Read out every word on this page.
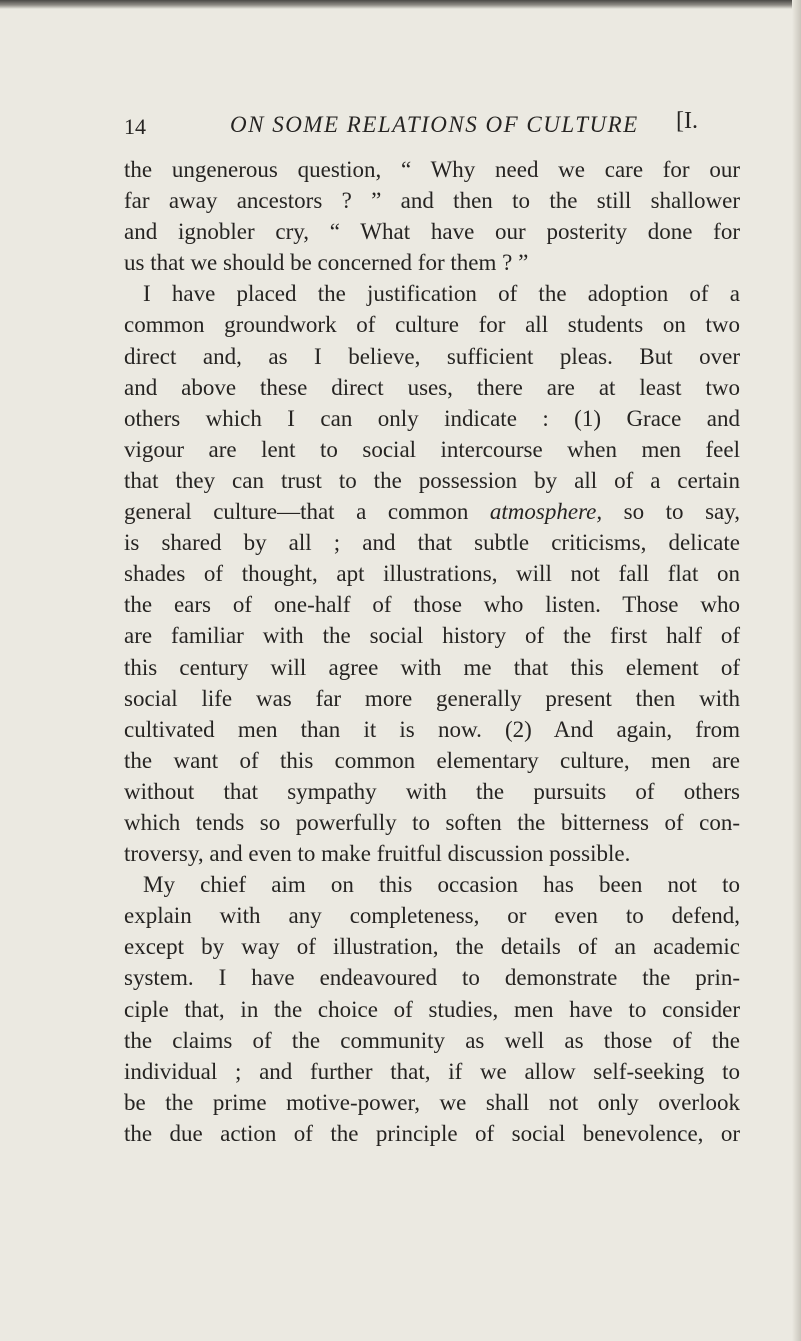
14	ON SOME RELATIONS OF CULTURE [I.
the ungenerous question, “ Why need we care for our
far away ancestors ? ” and then to the still shallower
and ignobler cry, “ What have our posterity done for
us that we should be concerned for them ? ”
I have placed the justification of the adoption of a
common groundwork of culture for all students on two
direct and, as I believe, sufficient pleas. But over
and above these direct uses, there are at least two
others which I can only indicate : (1) Grace and
vigour are lent to social intercourse when men feel
that they can trust to the possession by all of a certain
general culture—that a common atmosphere, so to say,
is shared by all ; and that subtle criticisms, delicate
shades of thought, apt illustrations, will not fall flat on
the ears of one-half of those who listen. Those who
are familiar with the social history of the first half of
this century will agree with me that this element of
social life was far more generally present then with
cultivated men than it is now. (2) And again, from
the want of this common elementary culture, men are
without that sympathy with the pursuits of others
which tends so powerfully to soften the bitterness of con-
troversy, and even to make fruitful discussion possible.
My chief aim on this occasion has been not to
explain with any completeness, or even to defend,
except by way of illustration, the details of an academic
system. I have endeavoured to demonstrate the prin-
ciple that, in the choice of studies, men have to consider
the claims of the community as well as those of the
individual ; and further that, if we allow self-seeking to
be the prime motive-power, we shall not only overlook
the due action of the principle of social benevolence, or
